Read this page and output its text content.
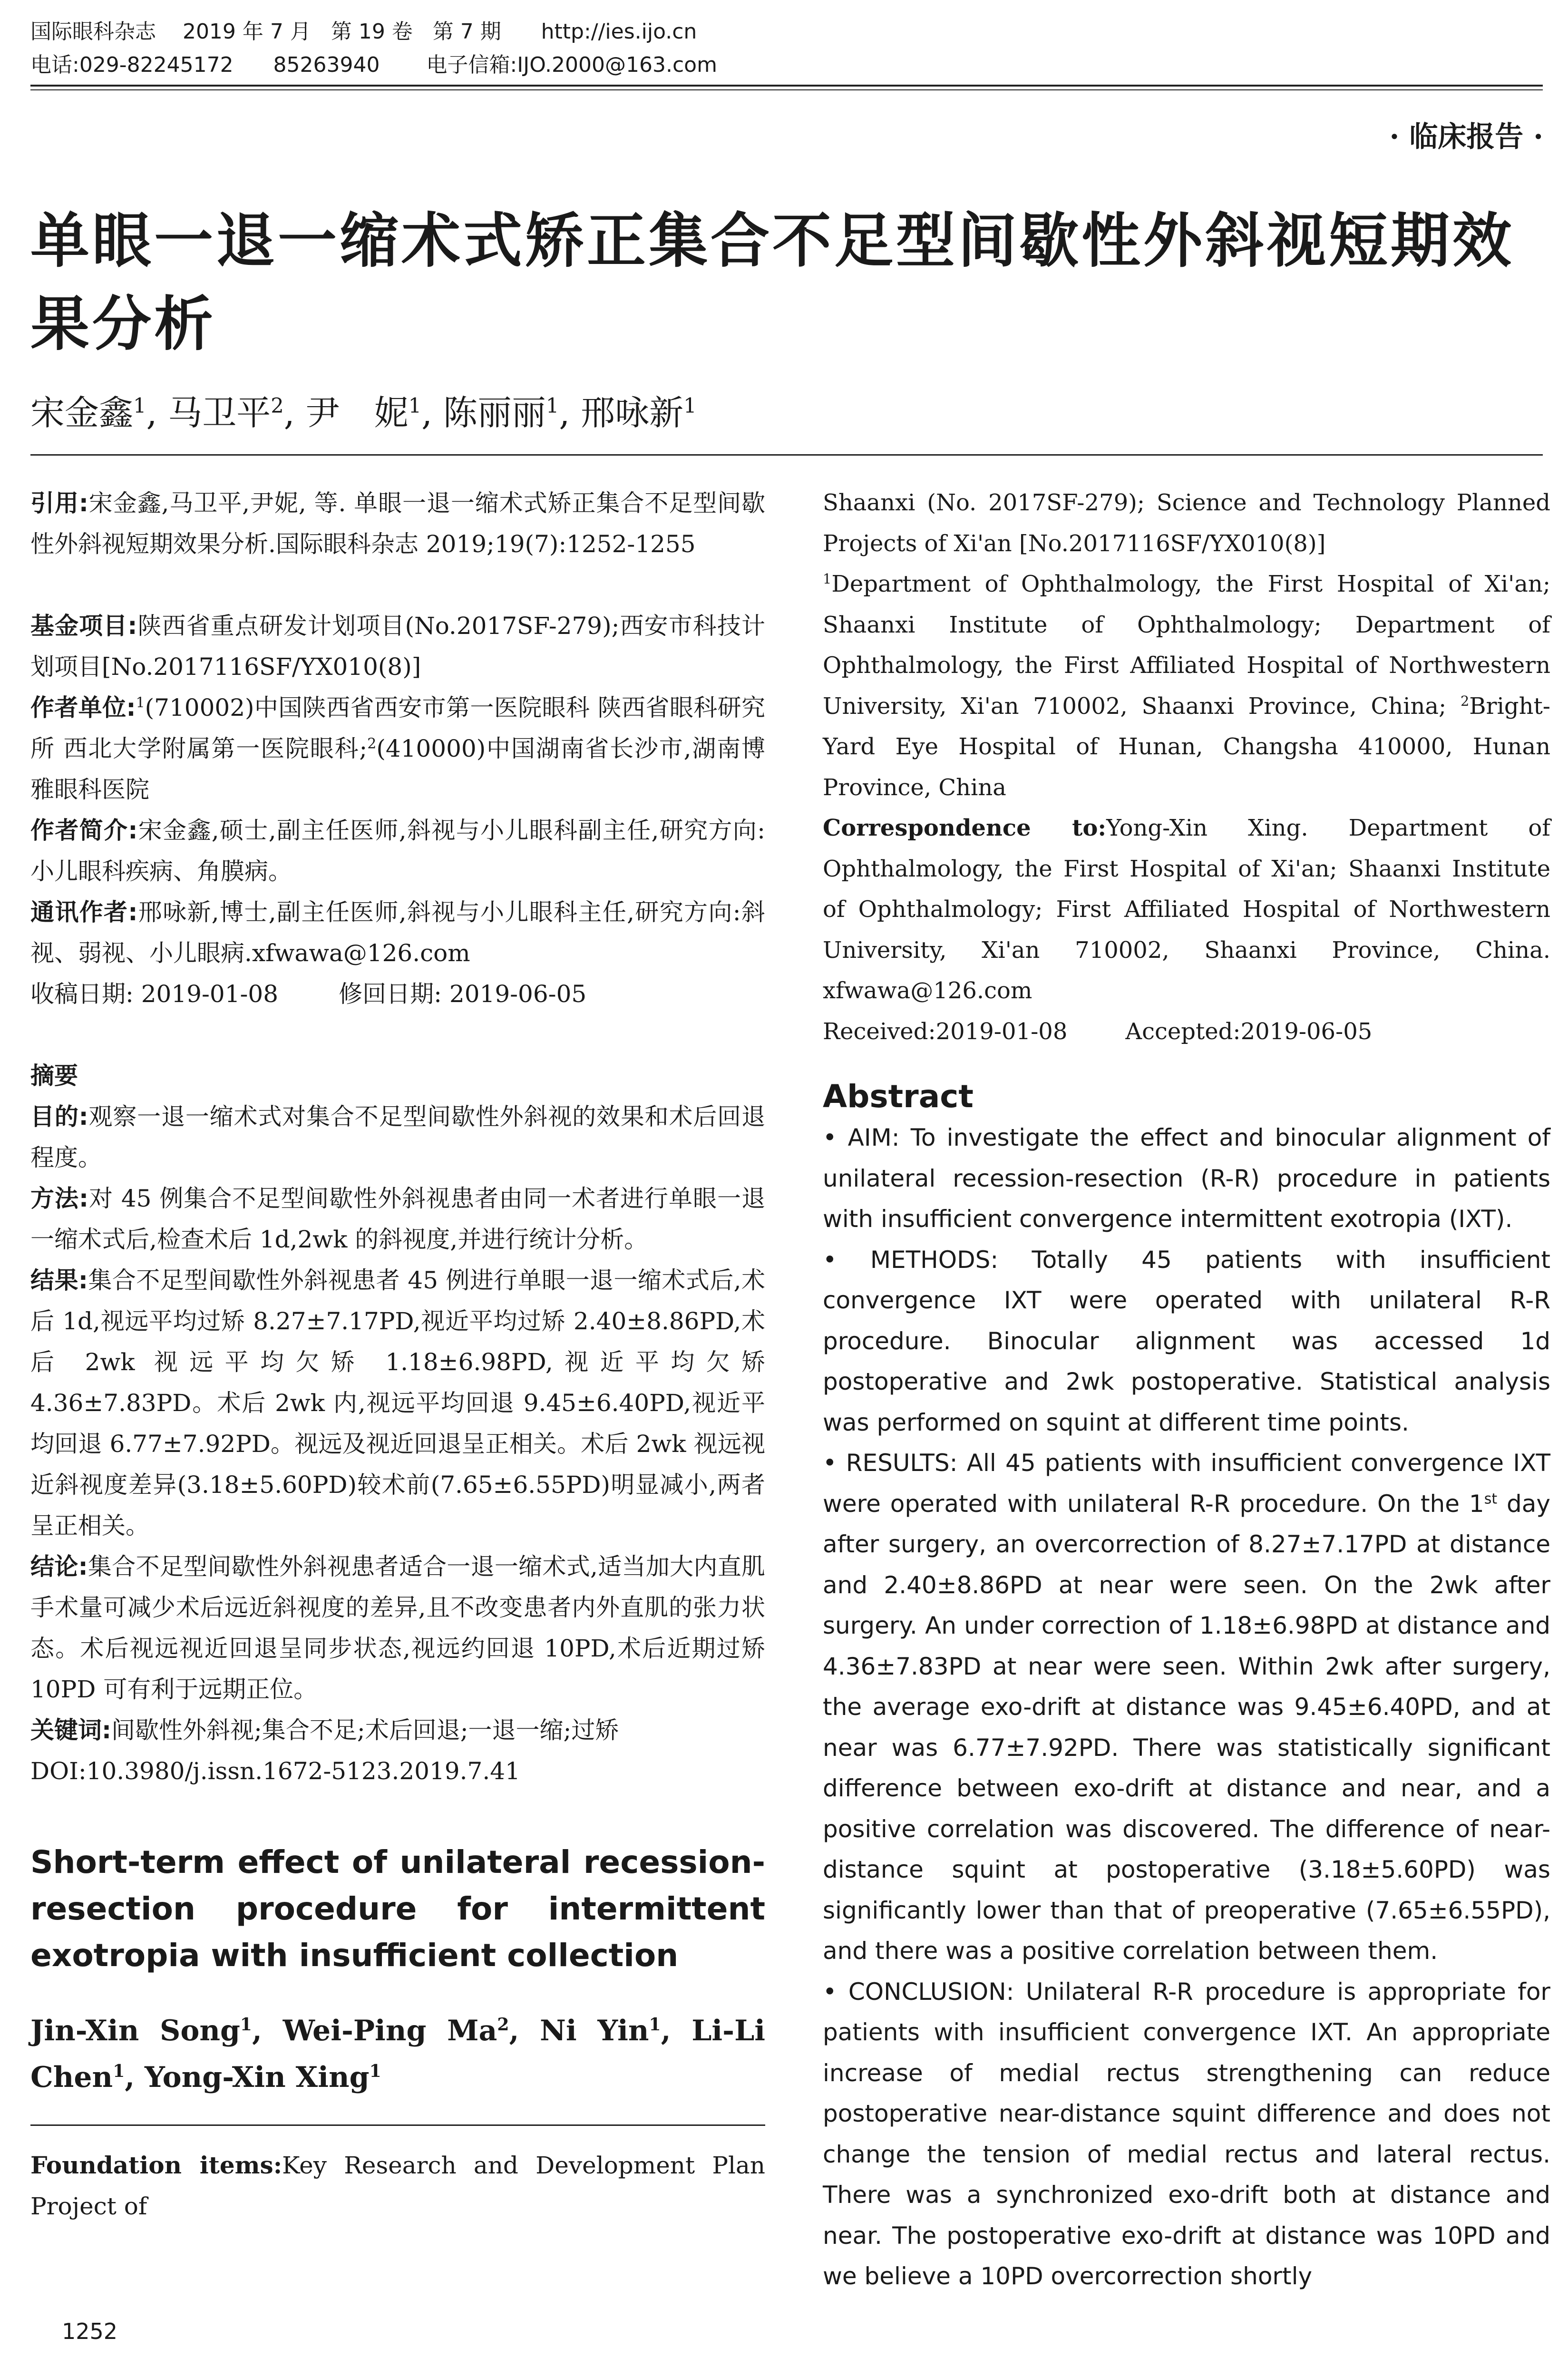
国际眼科杂志    2019 年 7 月   第 19 卷   第 7 期      http://ies.ijo.cn
电话:029-82245172      85263940       电子信箱:IJO.2000@163.com
· 临床报告 ·
单眼一退一缩术式矫正集合不足型间歇性外斜视短期效果分析
宋金鑫$^1$, 马卫平$^2$, 尹　妮$^1$, 陈丽丽$^1$, 邢咏新$^1$

引用:宋金鑫,马卫平,尹妮, 等. 单眼一退一缩术式矫正集合不足型间歇性外斜视短期效果分析.国际眼科杂志 2019;19(7):1252-1255

基金项目:陕西省重点研发计划项目(No.2017SF-279);西安市科技计划项目[No.2017116SF/YX010(8)]

作者单位:$^1$(710002)中国陕西省西安市第一医院眼科 陕西省眼科研究所 西北大学附属第一医院眼科;$^2$(410000)中国湖南省长沙市,湖南博雅眼科医院

作者简介:宋金鑫,硕士,副主任医师,斜视与小儿眼科副主任,研究方向:小儿眼科疾病、角膜病。

通讯作者:邢咏新,博士,副主任医师,斜视与小儿眼科主任,研究方向:斜视、弱视、小儿眼病.xfwawa@126.com

收稿日期: 2019-01-08        修回日期: 2019-06-05

摘要

目的:观察一退一缩术式对集合不足型间歇性外斜视的效果和术后回退程度。

方法:对 45 例集合不足型间歇性外斜视患者由同一术者进行单眼一退一缩术式后,检查术后 1d,2wk 的斜视度,并进行统计分析。

结果:集合不足型间歇性外斜视患者 45 例进行单眼一退一缩术式后,术后 1d,视远平均过矫 8.27±7.17PD,视近平均过矫 2.40±8.86PD,术后 2wk 视远平均欠矫 1.18±6.98PD,视近平均欠矫 4.36±7.83PD。术后 2wk 内,视远平均回退 9.45±6.40PD,视近平均回退 6.77±7.92PD。视远及视近回退呈正相关。术后 2wk 视远视近斜视度差异(3.18±5.60PD)较术前(7.65±6.55PD)明显减小,两者呈正相关。

结论:集合不足型间歇性外斜视患者适合一退一缩术式,适当加大内直肌手术量可减少术后远近斜视度的差异,且不改变患者内外直肌的张力状态。术后视远视近回退呈同步状态,视远约回退 10PD,术后近期过矫 10PD 可有利于远期正位。

关键词:间歇性外斜视;集合不足;术后回退;一退一缩;过矫

DOI:10.3980/j.issn.1672-5123.2019.7.41

Short-term effect of unilateral recession-resection procedure for intermittent exotropia with insufficient collection

Jin-Xin Song$^1$, Wei-Ping Ma$^2$, Ni Yin$^1$, Li-Li Chen$^1$, Yong-Xin Xing$^1$

Foundation items:Key Research and Development Plan Project of

Shaanxi (No. 2017SF-279); Science and Technology Planned Projects of Xi'an [No.2017116SF/YX010(8)]

$^1$Department of Ophthalmology, the First Hospital of Xi'an; Shaanxi Institute of Ophthalmology; Department of Ophthalmology, the First Affiliated Hospital of Northwestern University, Xi'an 710002, Shaanxi Province, China; $^2$Bright-Yard Eye Hospital of Hunan, Changsha 410000, Hunan Province, China

Correspondence to:Yong-Xin Xing. Department of Ophthalmology, the First Hospital of Xi'an; Shaanxi Institute of Ophthalmology; First Affiliated Hospital of Northwestern University, Xi'an 710002, Shaanxi Province, China. xfwawa@126.com

Received:2019-01-08        Accepted:2019-06-05

Abstract

• AIM: To investigate the effect and binocular alignment of unilateral recession-resection (R-R) procedure in patients with insufficient convergence intermittent exotropia (IXT).

• METHODS: Totally 45 patients with insufficient convergence IXT were operated with unilateral R-R procedure. Binocular alignment was accessed 1d postoperative and 2wk postoperative. Statistical analysis was performed on squint at different time points.

• RESULTS: All 45 patients with insufficient convergence IXT were operated with unilateral R-R procedure. On the 1st day after surgery, an overcorrection of 8.27±7.17PD at distance and 2.40±8.86PD at near were seen. On the 2wk after surgery. An under correction of 1.18±6.98PD at distance and 4.36±7.83PD at near were seen. Within 2wk after surgery, the average exo-drift at distance was 9.45±6.40PD, and at near was 6.77±7.92PD. There was statistically significant difference between exo-drift at distance and near, and a positive correlation was discovered. The difference of near-distance squint at postoperative (3.18±5.60PD) was significantly lower than that of preoperative (7.65±6.55PD), and there was a positive correlation between them.

• CONCLUSION: Unilateral R-R procedure is appropriate for patients with insufficient convergence IXT. An appropriate increase of medial rectus strengthening can reduce postoperative near-distance squint difference and does not change the tension of medial rectus and lateral rectus. There was a synchronized exo-drift both at distance and near. The postoperative exo-drift at distance was 10PD and we believe a 10PD overcorrection shortly

1252
